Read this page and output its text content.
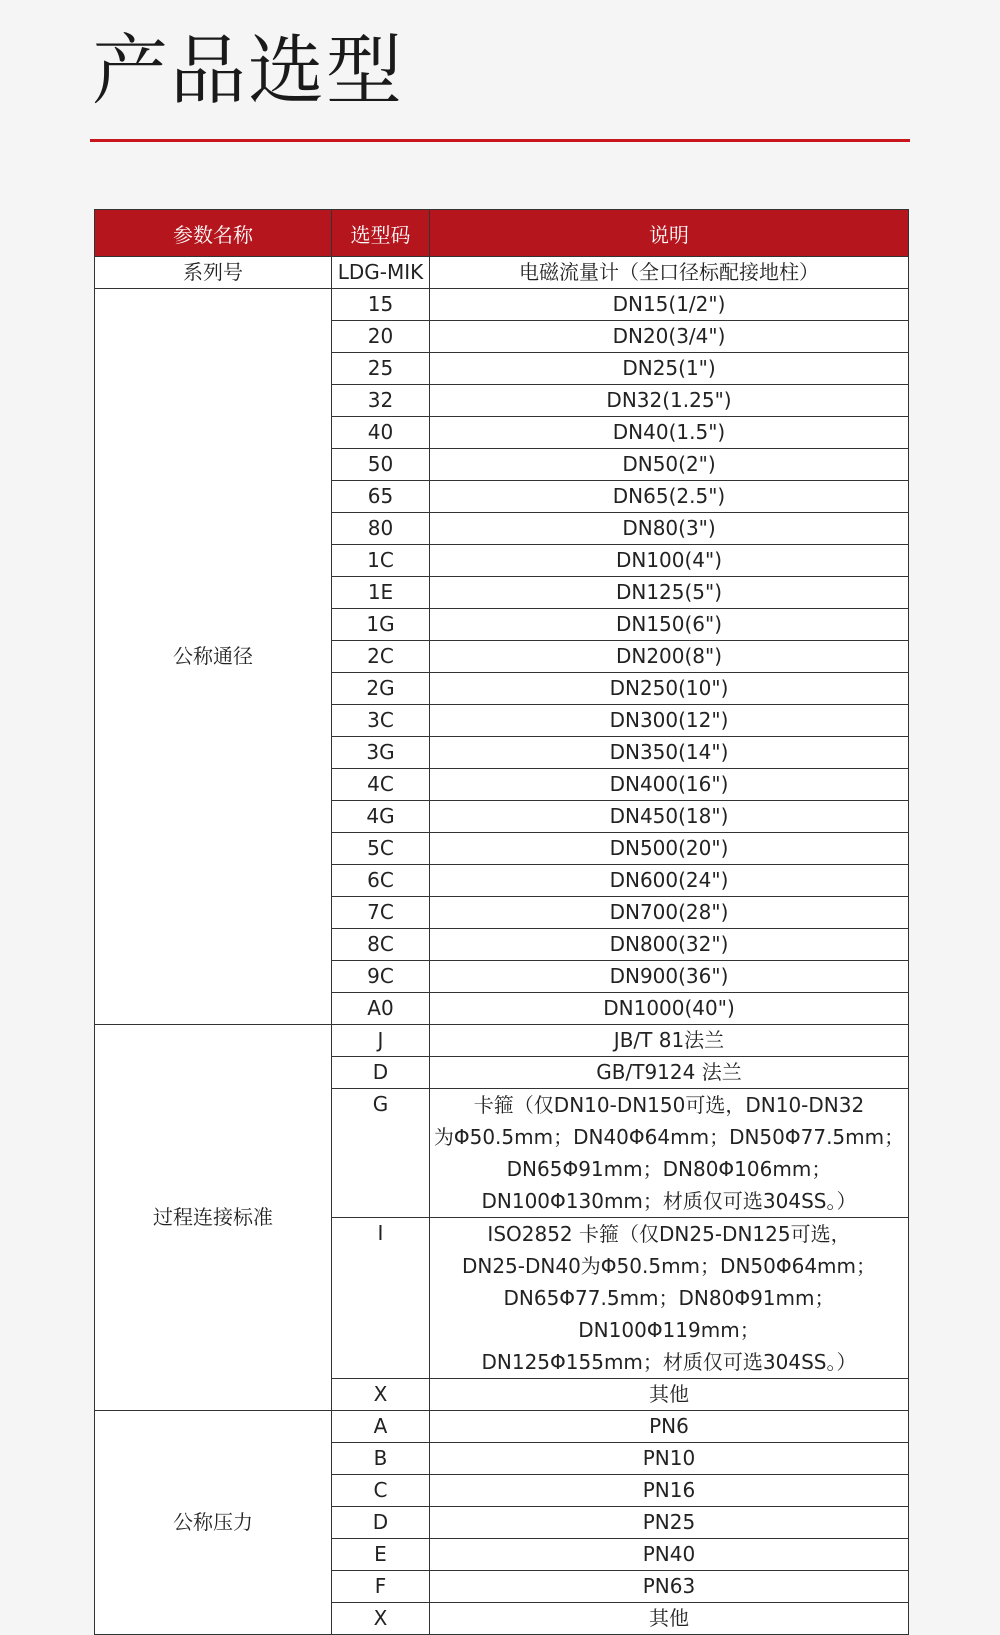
产品选型
参数名称	选型码	说明
系列号	LDG-MIK	电磁流量计（全口径标配接地柱）
公称通径	15	DN15(1/2")
	20	DN20(3/4")
	25	DN25(1")
	32	DN32(1.25")
	40	DN40(1.5")
	50	DN50(2")
	65	DN65(2.5")
	80	DN80(3")
	1C	DN100(4")
	1E	DN125(5")
	1G	DN150(6")
	2C	DN200(8")
	2G	DN250(10")
	3C	DN300(12")
	3G	DN350(14")
	4C	DN400(16")
	4G	DN450(18")
	5C	DN500(20")
	6C	DN600(24")
	7C	DN700(28")
	8C	DN800(32")
	9C	DN900(36")
	A0	DN1000(40")
过程连接标准	J	JB/T 81法兰

	D	GB/T9124 法兰

	G	卡箍（仅DN10-DN150可选，DN10-DN32
为Φ50.5mm；DN40Φ64mm；DN50Φ77.5mm；
DN65Φ91mm；DN80Φ106mm；
DN100Φ130mm；材质仅可选304SS。）

	I	ISO2852 卡箍（仅DN25-DN125可选，
DN25-DN40为Φ50.5mm；DN50Φ64mm；
DN65Φ77.5mm；DN80Φ91mm；DN100Φ119mm；
DN125Φ155mm；材质仅可选304SS。）

	X	其他

公称压力	A	PN6
	B	PN10
	C	PN16
	D	PN25
	E	PN40
	F	PN63
	X	其他
